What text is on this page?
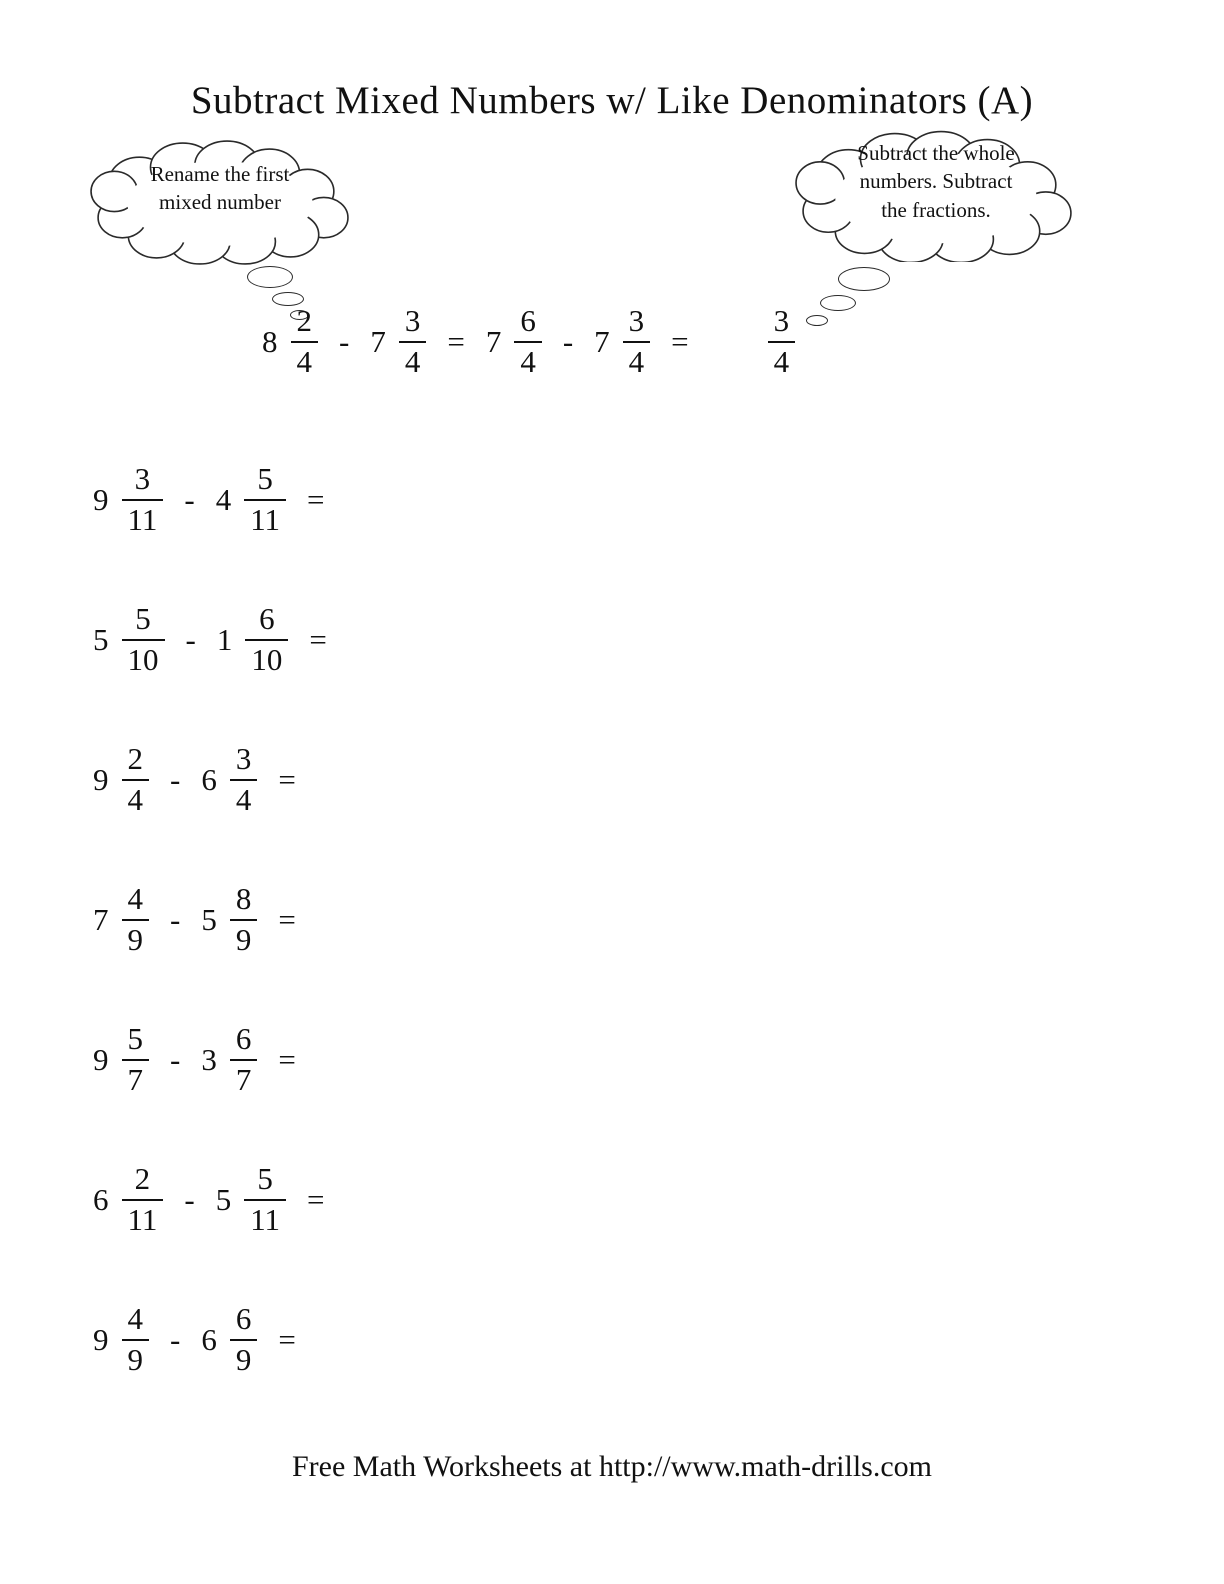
Subtract Mixed Numbers w/ Like Denominators (A)
Rename the first
mixed number
Subtract the whole
numbers. Subtract
the fractions.
$8 \frac{2}{4} - 7 \frac{3}{4} = 7 \frac{6}{4} - 7 \frac{3}{4}$ =	$\frac{3}{4}$
$9 \frac{3}{11} - 4 \frac{5}{11}$ =
$5 \frac{5}{10} - 1 \frac{6}{10}$ =
$9 \frac{2}{4} - 6 \frac{3}{4}$ =
$7 \frac{4}{9} - 5 \frac{8}{9}$ =
$9 \frac{5}{7} - 3 \frac{6}{7}$ =
$6 \frac{2}{11} - 5 \frac{5}{11}$ =
$9 \frac{4}{9} - 6 \frac{6}{9}$ =
Free Math Worksheets at http://www.math-drills.com
